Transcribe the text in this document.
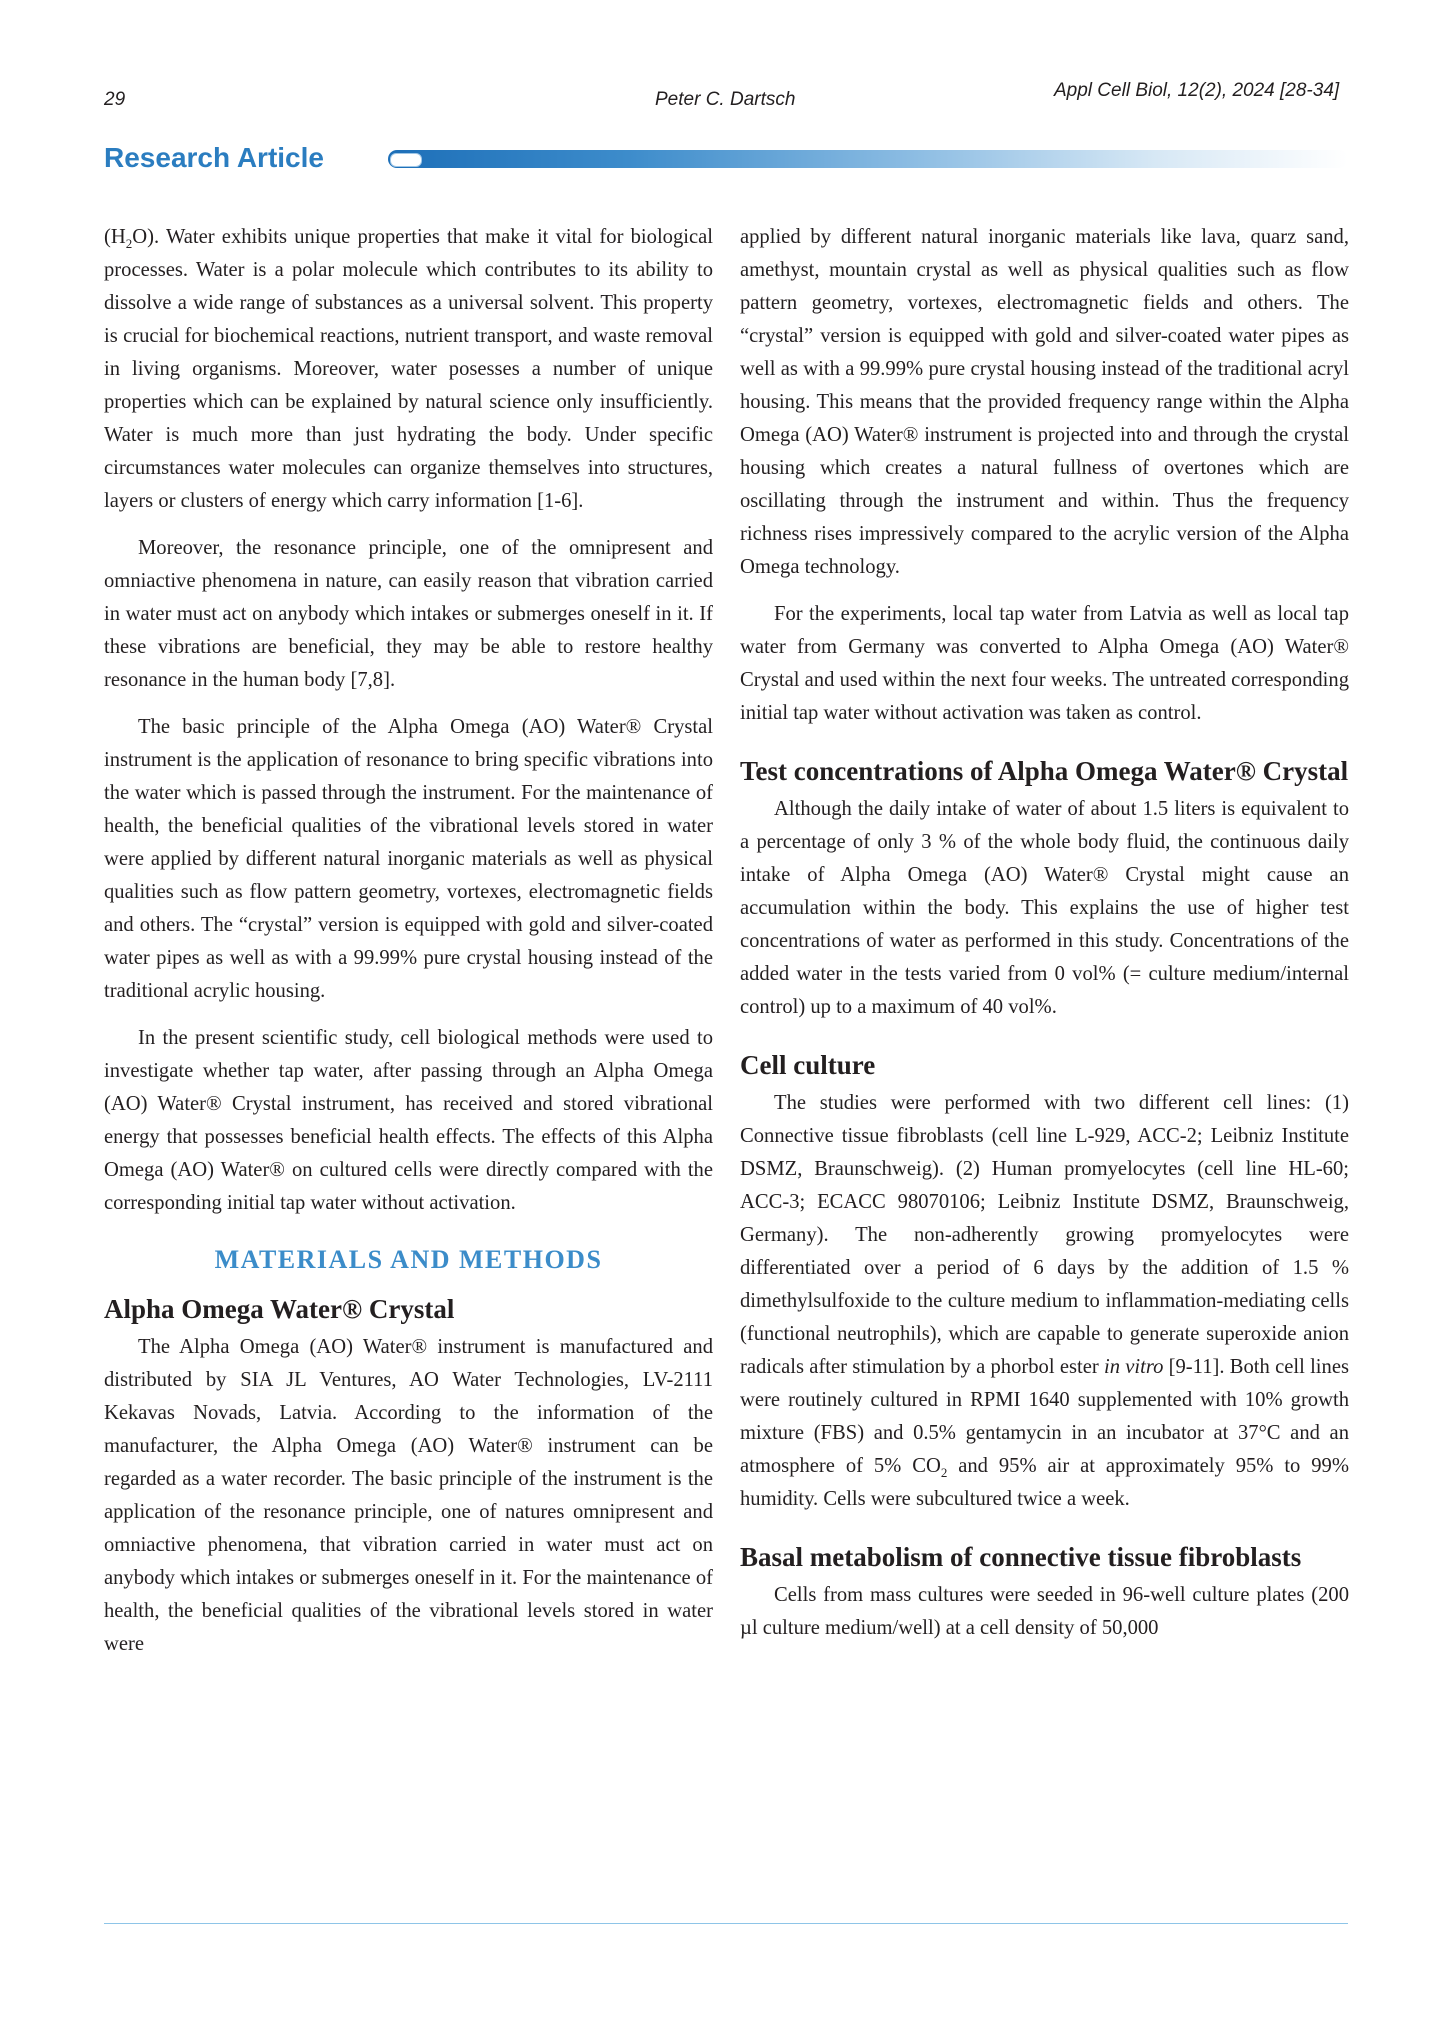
29	Peter C. Dartsch	Appl Cell Biol, 12(2), 2024 [28-34]
Research Article

$(H_2O)$. Water exhibits unique properties that make it vital for biological processes. Water is a polar molecule which contributes to its ability to dissolve a wide range of substances as a universal solvent. This property is crucial for biochemical reactions, nutrient transport, and waste removal in living organisms. Moreover, water posesses a number of unique properties which can be explained by natural science only insufficiently. Water is much more than just hydrating the body. Under specific circumstances water molecules can organize themselves into structures, layers or clusters of energy which carry information [1-6].

Moreover, the resonance principle, one of the omnipresent and omniactive phenomena in nature, can easily reason that vibration carried in water must act on anybody which intakes or submerges oneself in it. If these vibrations are beneficial, they may be able to restore healthy resonance in the human body [7,8].

The basic principle of the Alpha Omega (AO) Water® Crystal instrument is the application of resonance to bring specific vibrations into the water which is passed through the instrument. For the maintenance of health, the beneficial qualities of the vibrational levels stored in water were applied by different natural inorganic materials as well as physical qualities such as flow pattern geometry, vortexes, electromagnetic fields and others. The “crystal” version is equipped with gold and silver-coated water pipes as well as with a 99.99% pure crystal housing instead of the traditional acrylic housing.

In the present scientific study, cell biological methods were used to investigate whether tap water, after passing through an Alpha Omega (AO) Water® Crystal instrument, has received and stored vibrational energy that possesses beneficial health effects. The effects of this Alpha Omega (AO) Water® on cultured cells were directly compared with the corresponding initial tap water without activation.

MATERIALS AND METHODS
Alpha Omega Water® Crystal

The Alpha Omega (AO) Water® instrument is manufactured and distributed by SIA JL Ventures, AO Water Technologies, LV-2111 Kekavas Novads, Latvia. According to the information of the manufacturer, the Alpha Omega (AO) Water® instrument can be regarded as a water recorder. The basic principle of the instrument is the application of the resonance principle, one of natures omnipresent and omniactive phenomena, that vibration carried in water must act on anybody which intakes or submerges oneself in it. For the maintenance of health, the beneficial qualities of the vibrational levels stored in water were

applied by different natural inorganic materials like lava, quarz sand, amethyst, mountain crystal as well as physical qualities such as flow pattern geometry, vortexes, electromagnetic fields and others. The “crystal” version is equipped with gold and silver-coated water pipes as well as with a 99.99% pure crystal housing instead of the traditional acryl housing. This means that the provided frequency range within the Alpha Omega (AO) Water® instrument is projected into and through the crystal housing which creates a natural fullness of overtones which are oscillating through the instrument and within. Thus the frequency richness rises impressively compared to the acrylic version of the Alpha Omega technology.

For the experiments, local tap water from Latvia as well as local tap water from Germany was converted to Alpha Omega (AO) Water® Crystal and used within the next four weeks. The untreated corresponding initial tap water without activation was taken as control.

Test concentrations of Alpha Omega Water® Crystal

Although the daily intake of water of about 1.5 liters is equivalent to a percentage of only 3 % of the whole body fluid, the continuous daily intake of Alpha Omega (AO) Water® Crystal might cause an accumulation within the body. This explains the use of higher test concentrations of water as performed in this study. Concentrations of the added water in the tests varied from 0 vol% (= culture medium/internal control) up to a maximum of 40 vol%.

Cell culture

The studies were performed with two different cell lines: (1) Connective tissue fibroblasts (cell line L-929, ACC-2; Leibniz Institute DSMZ, Braunschweig). (2) Human promyelocytes (cell line HL-60; ACC-3; ECACC 98070106; Leibniz Institute DSMZ, Braunschweig, Germany). The non-adherently growing promyelocytes were differentiated over a period of 6 days by the addition of 1.5 % dimethylsulfoxide to the culture medium to inflammation-mediating cells (functional neutrophils), which are capable to generate superoxide anion radicals after stimulation by a phorbol ester in vitro [9-11]. Both cell lines were routinely cultured in RPMI 1640 supplemented with 10% growth mixture (FBS) and 0.5% gentamycin in an incubator at 37°C and an atmosphere of 5% $CO_2$ and 95% air at approximately 95% to 99% humidity. Cells were subcultured twice a week.

Basal metabolism of connective tissue fibroblasts

Cells from mass cultures were seeded in 96-well culture plates (200 µl culture medium/well) at a cell density of 50,000
